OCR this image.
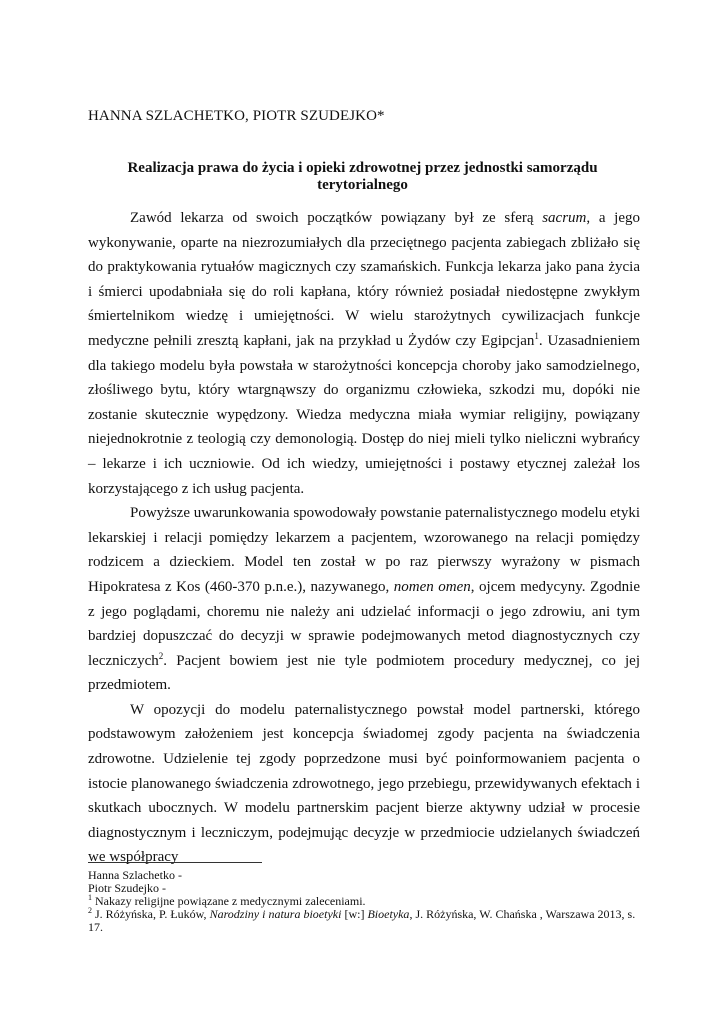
HANNA SZLACHETKO, PIOTR SZUDEJKO*
Realizacja prawa do życia i opieki zdrowotnej przez jednostki samorządu terytorialnego

Zawód lekarza od swoich początków powiązany był ze sferą sacrum, a jego wykonywanie, oparte na niezrozumiałych dla przeciętnego pacjenta zabiegach zbliżało się do praktykowania rytuałów magicznych czy szamańskich. Funkcja lekarza jako pana życia i śmierci upodabniała się do roli kapłana, który również posiadał niedostępne zwykłym śmiertelnikom wiedzę i umiejętności. W wielu starożytnych cywilizacjach funkcje medyczne pełnili zresztą kapłani, jak na przykład u Żydów czy Egipcjan$^1$. Uzasadnieniem dla takiego modelu była powstała w starożytności koncepcja choroby jako samodzielnego, złośliwego bytu, który wtargnąwszy do organizmu człowieka, szkodzi mu, dopóki nie zostanie skutecznie wypędzony. Wiedza medyczna miała wymiar religijny, powiązany niejednokrotnie z teologią czy demonologią. Dostęp do niej mieli tylko nieliczni wybrańcy – lekarze i ich uczniowie. Od ich wiedzy, umiejętności i postawy etycznej zależał los korzystającego z ich usług pacjenta.

Powyższe uwarunkowania spowodowały powstanie paternalistycznego modelu etyki lekarskiej i relacji pomiędzy lekarzem a pacjentem, wzorowanego na relacji pomiędzy rodzicem a dzieckiem. Model ten został w po raz pierwszy wyrażony w pismach Hipokratesa z Kos (460-370 p.n.e.), nazywanego, nomen omen, ojcem medycyny. Zgodnie z jego poglądami, choremu nie należy ani udzielać informacji o jego zdrowiu, ani tym bardziej dopuszczać do decyzji w sprawie podejmowanych metod diagnostycznych czy leczniczych$^2$. Pacjent bowiem jest nie tyle podmiotem procedury medycznej, co jej przedmiotem.

W opozycji do modelu paternalistycznego powstał model partnerski, którego podstawowym założeniem jest koncepcja świadomej zgody pacjenta na świadczenia zdrowotne. Udzielenie tej zgody poprzedzone musi być poinformowaniem pacjenta o istocie planowanego świadczenia zdrowotnego, jego przebiegu, przewidywanych efektach i skutkach ubocznych. W modelu partnerskim pacjent bierze aktywny udział w procesie diagnostycznym i leczniczym, podejmując decyzje w przedmiocie udzielanych świadczeń we współpracy

Hanna Szlachetko -
Piotr Szudejko -
$^1$ Nakazy religijne powiązane z medycznymi zaleceniami.
$^2$ J. Różyńska, P. Łuków, Narodziny i natura bioetyki [w:] Bioetyka, J. Różyńska, W. Chańska , Warszawa 2013, s. 17.
